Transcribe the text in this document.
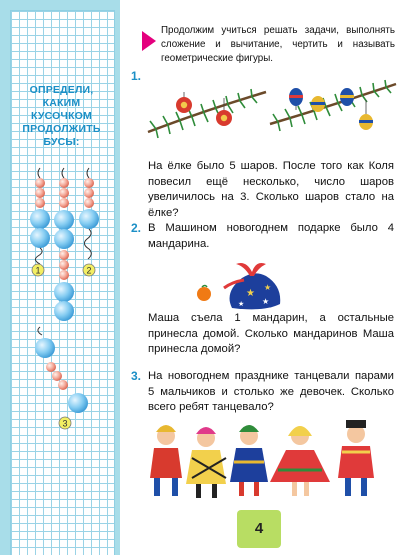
ОПРЕДЕЛИ,
КАКИМ
КУСОЧКОМ
ПРОДОЛЖИТЬ
БУСЫ:
1	2
3
Продолжим учиться решать задачи, выполнять сложение и вычитание, чертить и называть геометрические фигуры.
1.
На ёлке было 5 шаров. После того как Коля повесил ещё несколько, число шаров увеличилось на 3. Сколько шаров стало на ёлке?
2. В Машином новогоднем подарке было 4 мандарина.
★
★
★
★
Маша съела 1 мандарин, а остальные принесла домой. Сколько мандаринов Маша принесла домой?
3. На новогоднем празднике танцевали парами 5 мальчиков и столько же девочек. Сколько всего ребят танцевало?
4
